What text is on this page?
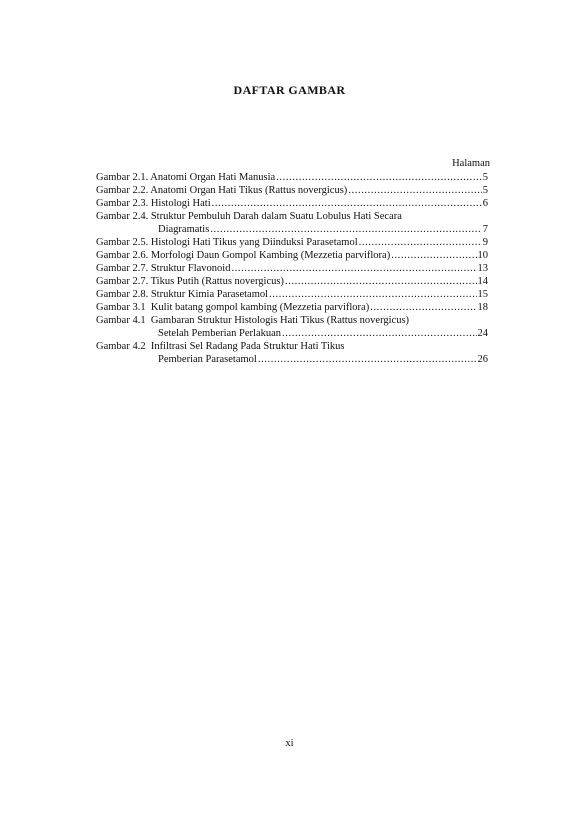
DAFTAR GAMBAR
Halaman
Gambar 2.1. Anatomi Organ Hati Manusia .....	5
Gambar 2.2. Anatomi Organ Hati Tikus (Rattus novergicus) .....	5
Gambar 2.3. Histologi Hati .....	6
Gambar 2.4. Struktur Pembuluh Darah dalam Suatu Lobulus Hati Secara
Diagramatis .....	7
Gambar 2.5. Histologi Hati Tikus yang Diinduksi Parasetamol .....	9
Gambar 2.6. Morfologi Daun Gompol Kambing (Mezzetia parviflora) .....	10
Gambar 2.7. Struktur Flavonoid .....	13
Gambar 2.7. Tikus Putih (Rattus novergicus) .....	14
Gambar 2.8. Struktur Kimia Parasetamol .....	15
Gambar 3.1  Kulit batang gompol kambing (Mezzetia parviflora) .....	18
Gambar 4.1  Gambaran Struktur Histologis Hati Tikus (Rattus novergicus)
Setelah Pemberian Perlakuan .....	24
Gambar 4.2  Infiltrasi Sel Radang Pada Struktur Hati Tikus
Pemberian Parasetamol .....	26
xi
